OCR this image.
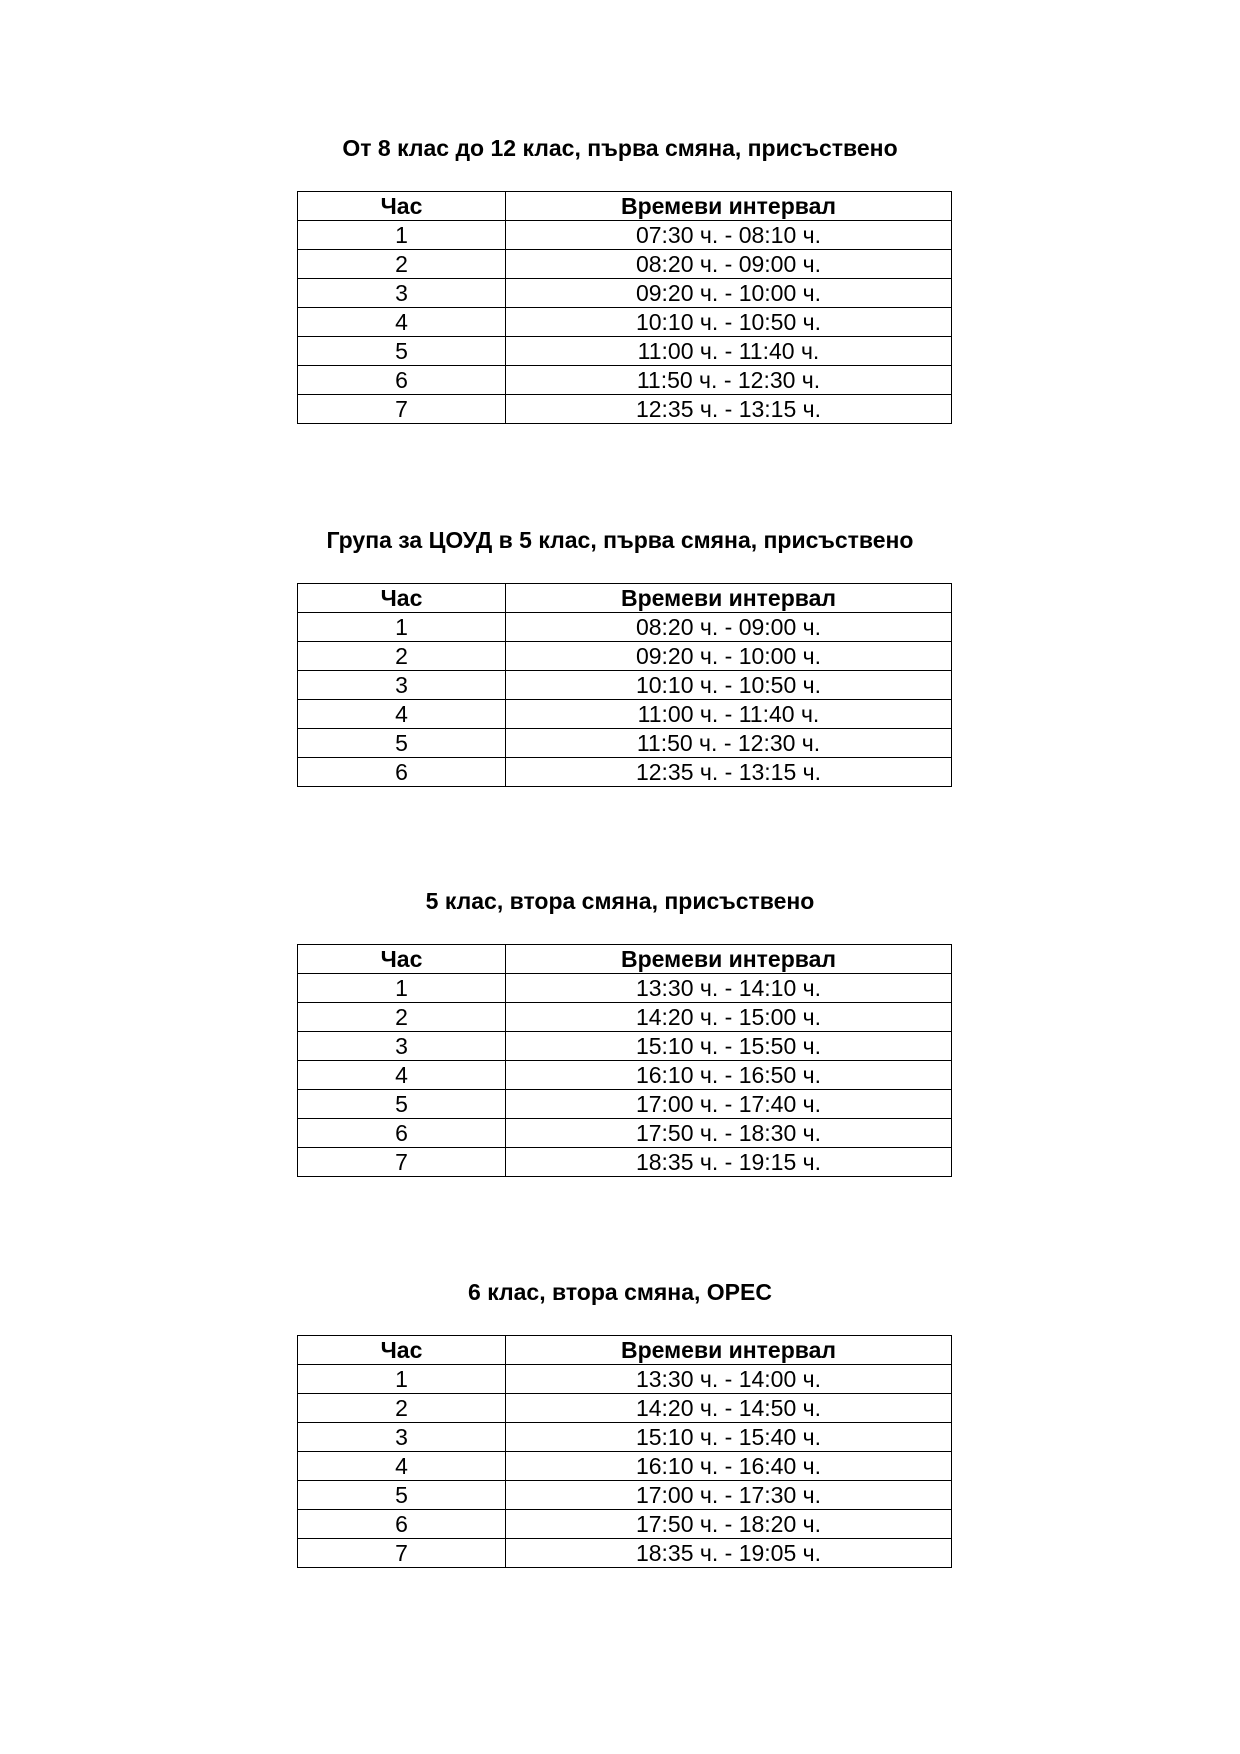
От 8 клас до 12 клас, първа смяна, присъствено
Час	Времеви интервал
1	07:30 ч. - 08:10 ч.
2	08:20 ч. - 09:00 ч.
3	09:20 ч. - 10:00 ч.
4	10:10 ч. - 10:50 ч.
5	11:00 ч. - 11:40 ч.
6	11:50 ч. - 12:30 ч.
7	12:35 ч. - 13:15 ч.
Група за ЦОУД в 5 клас, първа смяна, присъствено
Час	Времеви интервал
1	08:20 ч. - 09:00 ч.
2	09:20 ч. - 10:00 ч.
3	10:10 ч. - 10:50 ч.
4	11:00 ч. - 11:40 ч.
5	11:50 ч. - 12:30 ч.
6	12:35 ч. - 13:15 ч.
5 клас, втора смяна, присъствено
Час	Времеви интервал
1	13:30 ч. - 14:10 ч.
2	14:20 ч. - 15:00 ч.
3	15:10 ч. - 15:50 ч.
4	16:10 ч. - 16:50 ч.
5	17:00 ч. - 17:40 ч.
6	17:50 ч. - 18:30 ч.
7	18:35 ч. - 19:15 ч.
6 клас, втора смяна, ОРЕС
Час	Времеви интервал
1	13:30 ч. - 14:00 ч.
2	14:20 ч. - 14:50 ч.
3	15:10 ч. - 15:40 ч.
4	16:10 ч. - 16:40 ч.
5	17:00 ч. - 17:30 ч.
6	17:50 ч. - 18:20 ч.
7	18:35 ч. - 19:05 ч.
